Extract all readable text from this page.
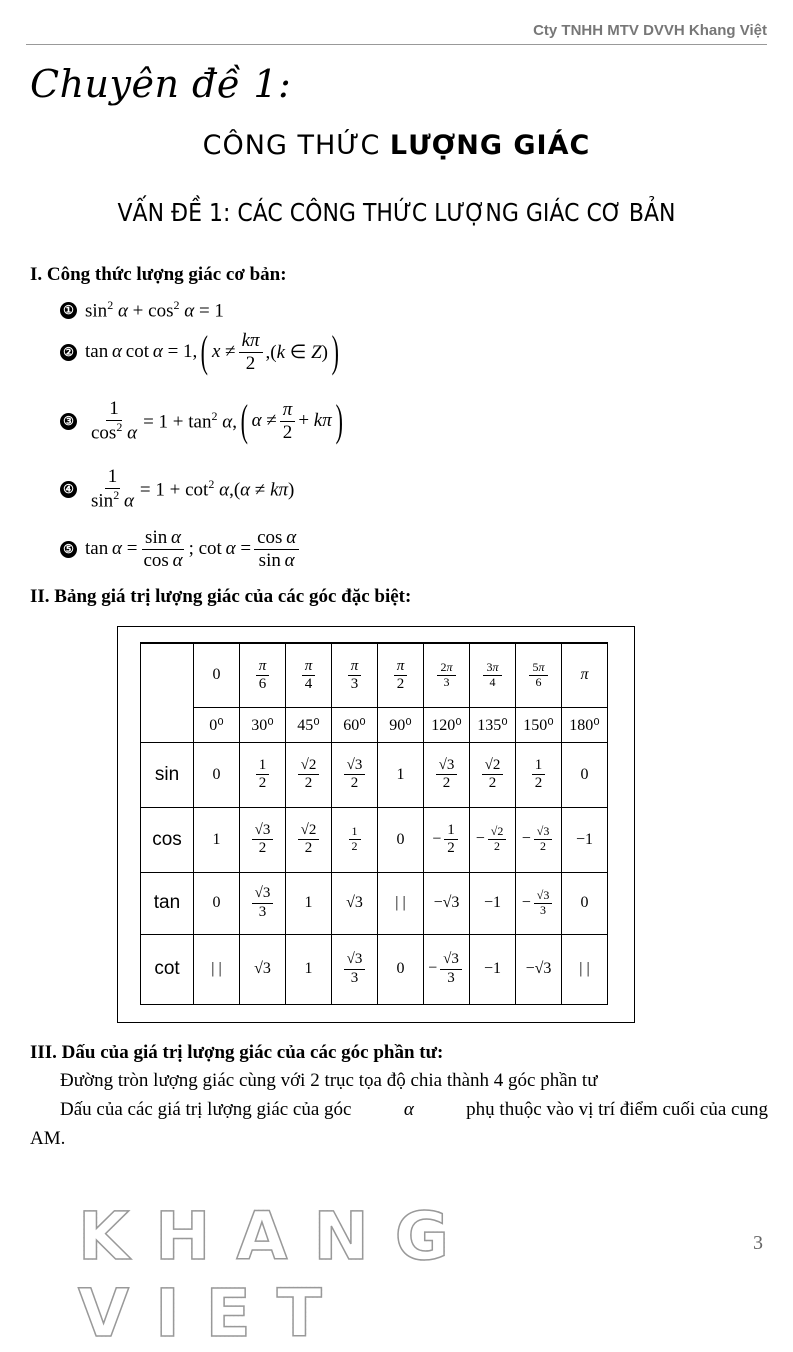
Cty TNHH MTV DVVH Khang Việt
Chuyên đề 1:
CÔNG THỨC LƯỢNG GIÁC
VẤN ĐỀ 1: CÁC CÔNG THỨC LƯỢNG GIÁC CƠ BẢN
I. Công thức lượng giác cơ bản:
① $\sin^2 \alpha + \cos^2 \alpha = 1$
② tan α cot α = 1, ( $x \ne \frac{k\pi}{2} ,(k$ ∈ Z) )
③ $\frac{1}{\cos^2 \alpha} = 1 + \tan^2 \alpha$, ( $\alpha \ne \frac{\pi}{2} + k\pi$ )
④ $\frac{1}{\sin^2 \alpha} = 1 + \cot^2 \alpha,(\alpha \ne k\pi)$
⑤ $\tan \alpha = \frac{\text{sin α}}{\text{cos α}}$ ; $\cot \alpha = \frac{\text{cos α}}{\text{sin α}}$
II. Bảng giá trị lượng giác của các góc đặc biệt:
	0	$\frac{\pi}{6}$	$\frac{\pi}{4}$	$\frac{\pi}{3}$	$\frac{\pi}{2}$	$\frac{2\pi}{3}$	$\frac{3\pi}{4}$	$\frac{5\pi}{6}$	π
	0⁰	30⁰	45⁰	60⁰	90⁰	120⁰	135⁰	150⁰	180⁰
sin	0	$\frac{1}{2}$	$\frac{√2}{2}$	$\frac{√3}{2}$	1	$\frac{√3}{2}$	$\frac{√2}{2}$	$\frac{1}{2}$	0
cos	1	$\frac{√3}{2}$	$\frac{√2}{2}$	$\frac{1}{2}$	0	− $\frac{1}{2}$	− $\frac{√2}{2}$	− $\frac{√3}{2}$	−1
tan	0	$\frac{√3}{3}$	1	√3	| |	−√3	−1	− $\frac{√3}{3}$	0
cot	| |	√3	1	$\frac{√3}{3}$	0	− $\frac{√3}{3}$	−1	−√3	| |
III. Dấu của giá trị lượng giác của các góc phần tư:
Đường tròn lượng giác cùng với 2 trục tọa độ chia thành 4 góc phần tư
Dấu của các giá trị lượng giác của góc	α	phụ thuộc vào vị trí điểm cuối của cung
AM.
KHANG VIET
3
